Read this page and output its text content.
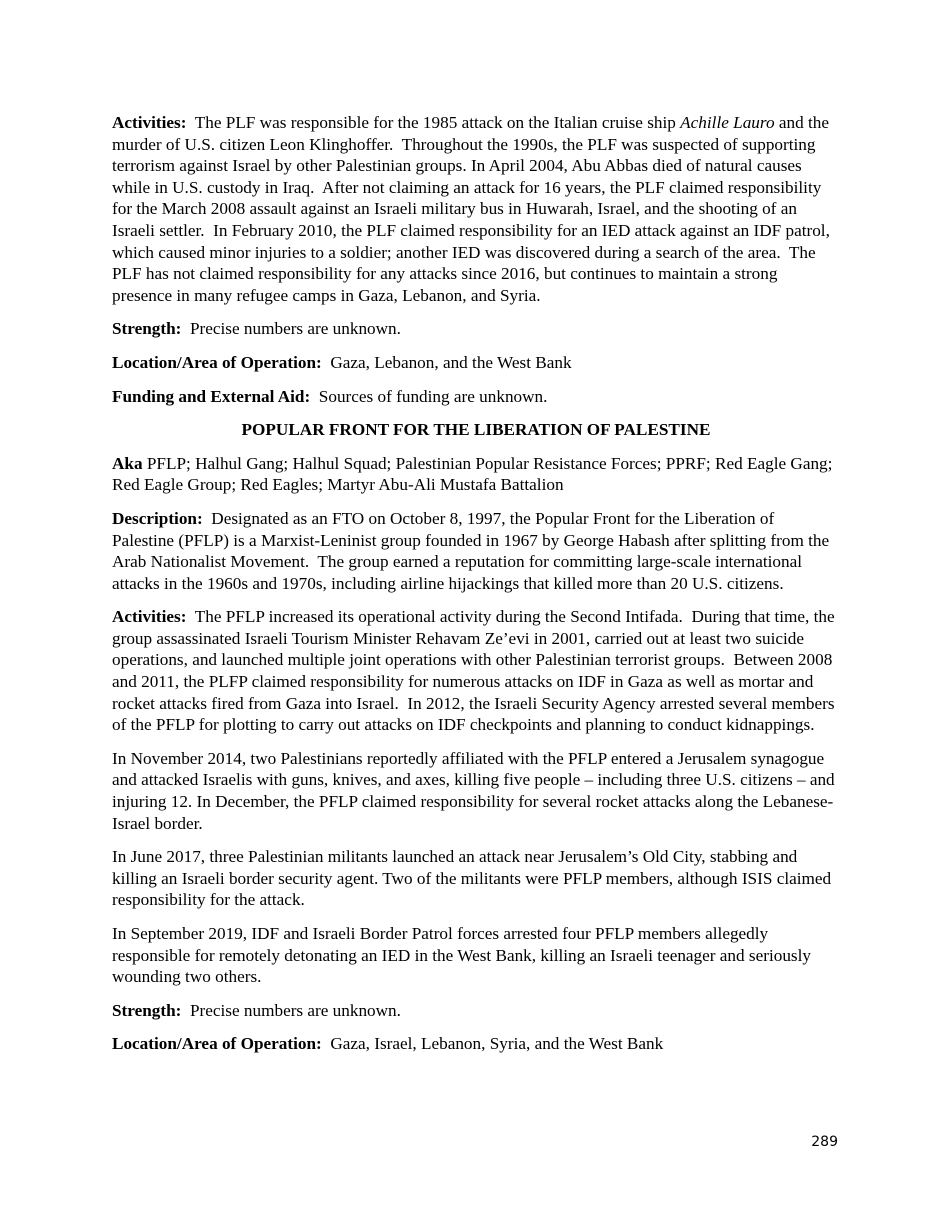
Activities:  The PLF was responsible for the 1985 attack on the Italian cruise ship Achille Lauro and the murder of U.S. citizen Leon Klinghoffer.  Throughout the 1990s, the PLF was suspected of supporting terrorism against Israel by other Palestinian groups. In April 2004, Abu Abbas died of natural causes while in U.S. custody in Iraq.  After not claiming an attack for 16 years, the PLF claimed responsibility for the March 2008 assault against an Israeli military bus in Huwarah, Israel, and the shooting of an Israeli settler.  In February 2010, the PLF claimed responsibility for an IED attack against an IDF patrol, which caused minor injuries to a soldier; another IED was discovered during a search of the area.  The PLF has not claimed responsibility for any attacks since 2016, but continues to maintain a strong presence in many refugee camps in Gaza, Lebanon, and Syria.

Strength:  Precise numbers are unknown.

Location/Area of Operation:  Gaza, Lebanon, and the West Bank

Funding and External Aid:  Sources of funding are unknown.

POPULAR FRONT FOR THE LIBERATION OF PALESTINE

Aka PFLP; Halhul Gang; Halhul Squad; Palestinian Popular Resistance Forces; PPRF; Red Eagle Gang; Red Eagle Group; Red Eagles; Martyr Abu-Ali Mustafa Battalion

Description:  Designated as an FTO on October 8, 1997, the Popular Front for the Liberation of Palestine (PFLP) is a Marxist-Leninist group founded in 1967 by George Habash after splitting from the Arab Nationalist Movement.  The group earned a reputation for committing large-scale international attacks in the 1960s and 1970s, including airline hijackings that killed more than 20 U.S. citizens.

Activities:  The PFLP increased its operational activity during the Second Intifada.  During that time, the group assassinated Israeli Tourism Minister Rehavam Ze’evi in 2001, carried out at least two suicide operations, and launched multiple joint operations with other Palestinian terrorist groups.  Between 2008 and 2011, the PLFP claimed responsibility for numerous attacks on IDF in Gaza as well as mortar and rocket attacks fired from Gaza into Israel.  In 2012, the Israeli Security Agency arrested several members of the PFLP for plotting to carry out attacks on IDF checkpoints and planning to conduct kidnappings.

In November 2014, two Palestinians reportedly affiliated with the PFLP entered a Jerusalem synagogue and attacked Israelis with guns, knives, and axes, killing five people – including three U.S. citizens – and injuring 12. In December, the PFLP claimed responsibility for several rocket attacks along the Lebanese-Israel border.

In June 2017, three Palestinian militants launched an attack near Jerusalem’s Old City, stabbing and killing an Israeli border security agent. Two of the militants were PFLP members, although ISIS claimed responsibility for the attack.

In September 2019, IDF and Israeli Border Patrol forces arrested four PFLP members allegedly responsible for remotely detonating an IED in the West Bank, killing an Israeli teenager and seriously wounding two others.

Strength:  Precise numbers are unknown.

Location/Area of Operation:  Gaza, Israel, Lebanon, Syria, and the West Bank

289
